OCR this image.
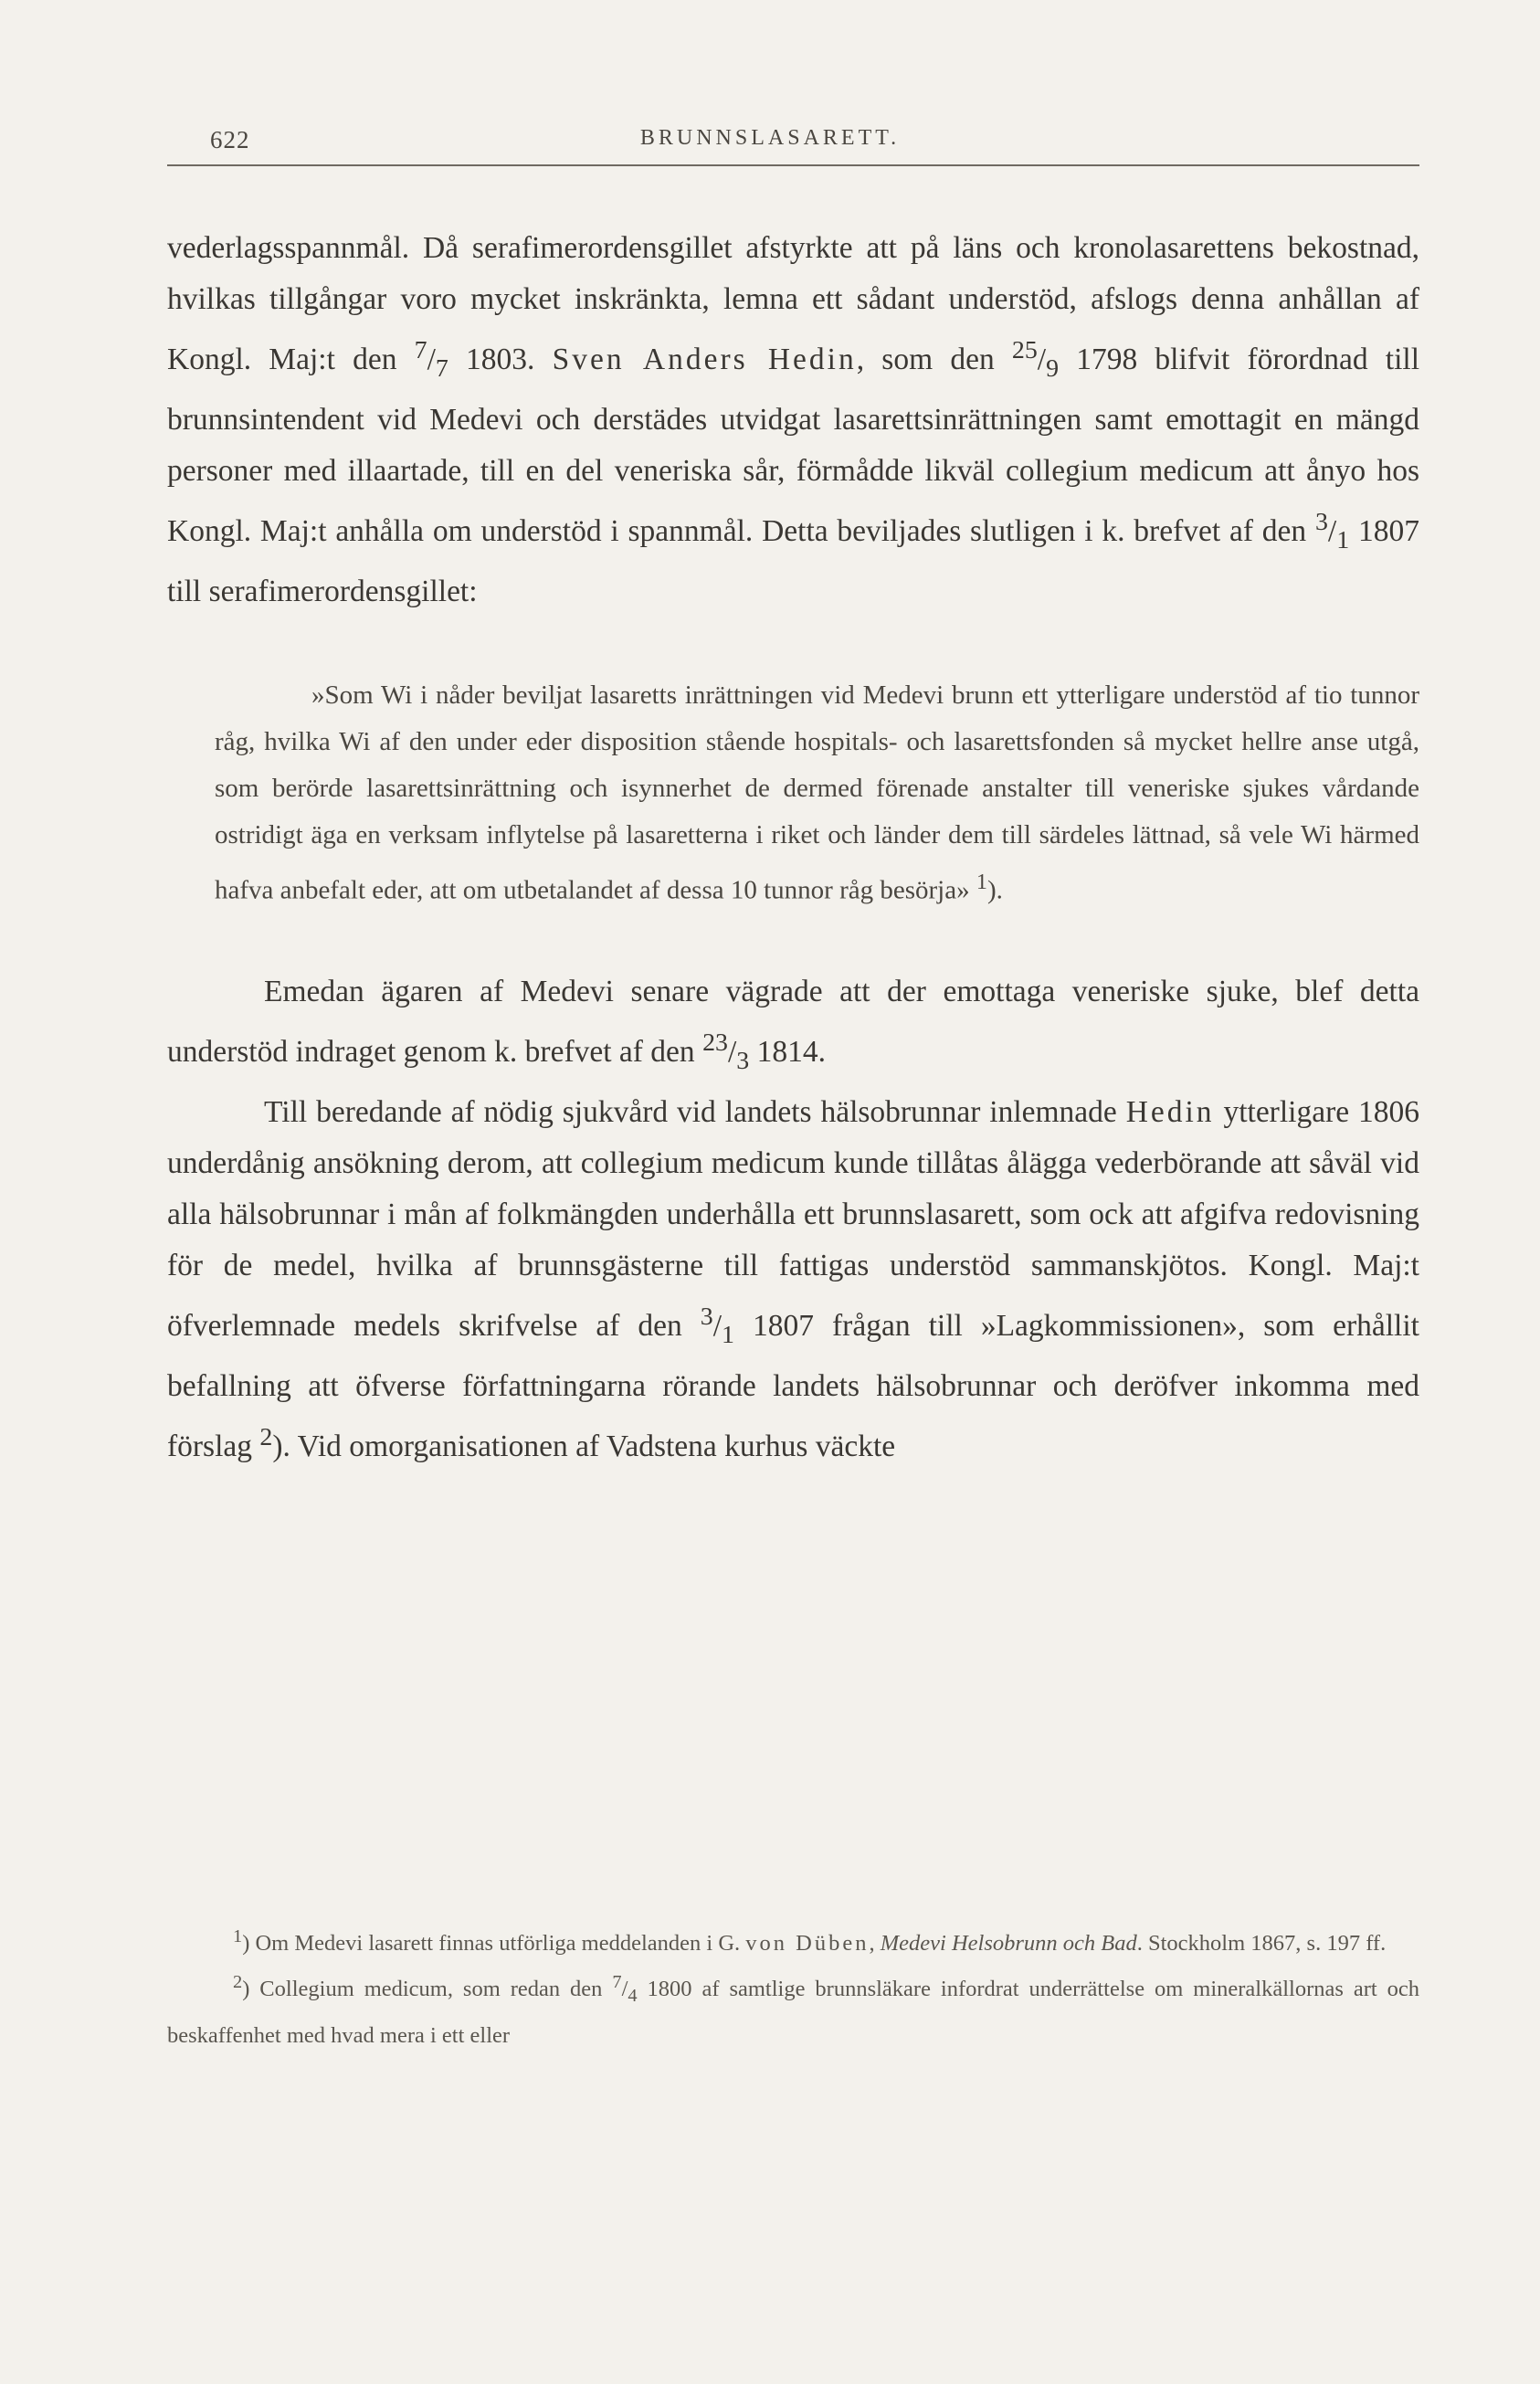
622	BRUNNSLASARETT.

vederlagsspannmål. Då serafimerordensgillet afstyrkte att på läns och kronolasarettens bekostnad, hvilkas tillgångar voro mycket inskränkta, lemna ett sådant understöd, afslogs denna anhållan af Kongl. Maj:t den $^7/_7$ 1803. Sven Anders Hedin, som den $^{25}/_9$ 1798 blifvit förordnad till brunnsintendent vid Medevi och derstädes utvidgat lasarettsinrättningen samt emottagit en mängd personer med illaartade, till en del veneriska sår, förmådde likväl collegium medicum att ånyo hos Kongl. Maj:t anhålla om understöd i spannmål. Detta beviljades slutligen i k. brefvet af den $^3/_1$ 1807 till serafimerordensgillet:

»Som Wi i nåder beviljat lasaretts inrättningen vid Medevi brunn ett ytterligare understöd af tio tunnor råg, hvilka Wi af den under eder disposition stående hospitals- och lasarettsfonden så mycket hellre anse utgå, som berörde lasarettsinrättning och isynnerhet de dermed förenade anstalter till veneriske sjukes vårdande ostridigt äga en verksam inflytelse på lasaretterna i riket och länder dem till särdeles lättnad, så vele Wi härmed hafva anbefalt eder, att om utbetalandet af dessa 10 tunnor råg besörja» $^1$).

Emedan ägaren af Medevi senare vägrade att der emottaga veneriske sjuke, blef detta understöd indraget genom k. brefvet af den $^{23}/_3$ 1814.

Till beredande af nödig sjukvård vid landets hälsobrunnar inlemnade Hedin ytterligare 1806 underdånig ansökning derom, att collegium medicum kunde tillåtas ålägga vederbörande att såväl vid alla hälsobrunnar i mån af folkmängden underhålla ett brunnslasarett, som ock att afgifva redovisning för de medel, hvilka af brunnsgästerne till fattigas understöd sammanskjötos. Kongl. Maj:t öfverlemnade medels skrifvelse af den $^3/_1$ 1807 frågan till »Lagkommissionen», som erhållit befallning att öfverse författningarna rörande landets hälsobrunnar och deröfver inkomma med förslag $^2$). Vid omorganisationen af Vadstena kurhus väckte

$^1$) Om Medevi lasarett finnas utförliga meddelanden i G. von Düben, Medevi Helsobrunn och Bad. Stockholm 1867, s. 197 ff.

$^2$) Collegium medicum, som redan den $^7/_4$ 1800 af samtlige brunnsläkare infordrat underrättelse om mineralkällornas art och beskaffenhet med hvad mera i ett eller
